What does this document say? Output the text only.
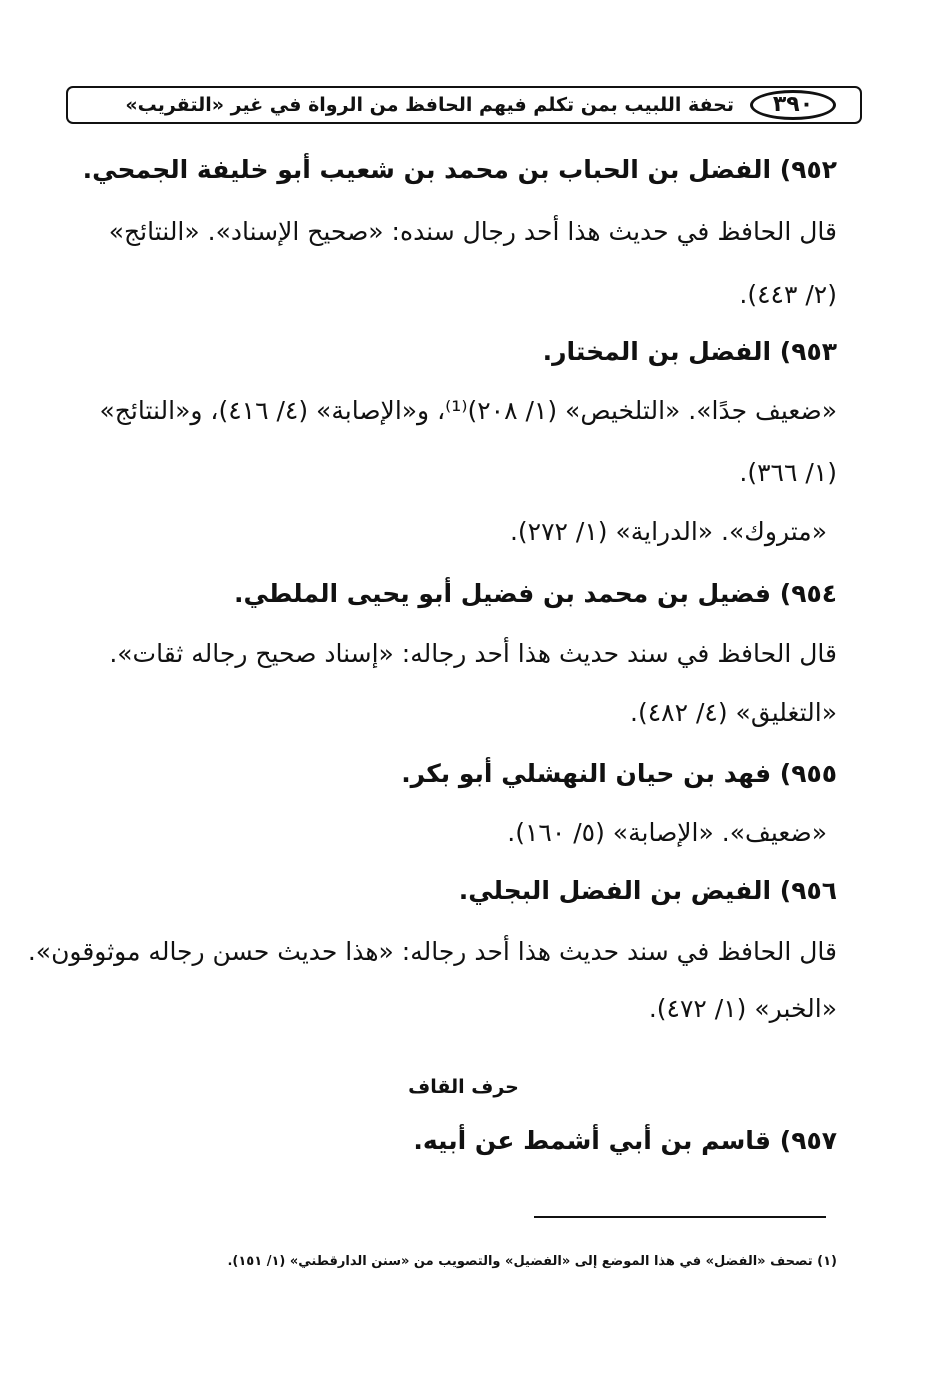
٣٩٠
تحفة اللبيب بمن تكلم فيهم الحافظ من الرواة في غير «التقريب»
٩٥٢) الفضل بن الحباب بن محمد بن شعيب أبو خليفة الجمحي.
قال الحافظ في حديث هذا أحد رجال سنده: «صحيح الإسناد». «النتائج»
(٢/ ٤٤٣).
٩٥٣) الفضل بن المختار.
«ضعيف جدًا». «التلخيص» (١/ ٢٠٨)⁽¹⁾، و«الإصابة» (٤/ ٤١٦)، و«النتائج»
(١/ ٣٦٦).
«متروك». «الدراية» (١/ ٢٧٢).
٩٥٤) فضيل بن محمد بن فضيل أبو يحيى الملطي.
قال الحافظ في سند حديث هذا أحد رجاله: «إسناد صحيح رجاله ثقات».
«التغليق» (٤/ ٤٨٢).
٩٥٥) فهد بن حيان النهشلي أبو بكر.
«ضعيف». «الإصابة» (٥/ ١٦٠).
٩٥٦) الفيض بن الفضل البجلي.
قال الحافظ في سند حديث هذا أحد رجاله: «هذا حديث حسن رجاله موثوقون».
«الخبر» (١/ ٤٧٢).
حرف القاف
٩٥٧) قاسم بن أبي أشمط عن أبيه.
(١) تصحف «الفضل» في هذا الموضع إلى «الفضيل» والتصويب من «سنن الدارقطني» (١/ ١٥١).
